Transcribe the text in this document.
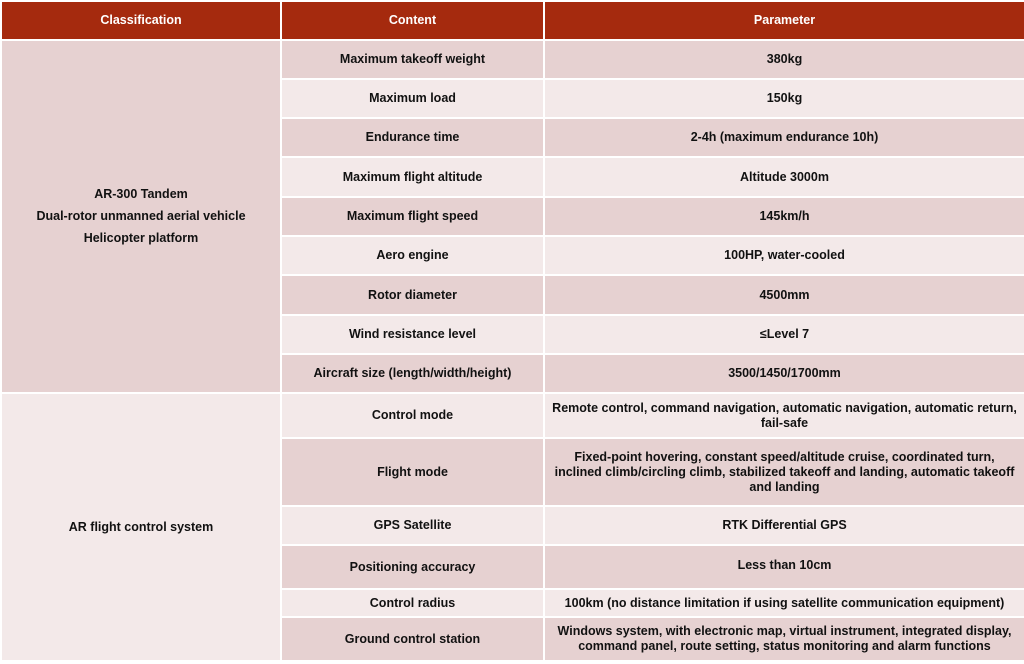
Classification	Content	Parameter

AR-300 Tandem
Dual-rotor unmanned aerial vehicle
Helicopter platform	Maximum takeoff weight	380kg
	Maximum load	150kg
	Endurance time	2-4h (maximum endurance 10h)
	Maximum flight altitude	Altitude 3000m
	Maximum flight speed	145km/h
	Aero engine	100HP, water-cooled
	Rotor diameter	4500mm
	Wind resistance level	≤Level 7
	Aircraft size (length/width/height)	3500/1450/1700mm
AR flight control system	Control mode	Remote control, command navigation, automatic navigation, automatic return, fail-safe
	Flight mode	Fixed-point hovering, constant speed/altitude cruise, coordinated turn, inclined climb/circling climb, stabilized takeoff and landing, automatic takeoff and landing
	GPS Satellite	RTK Differential GPS
	Positioning accuracy	Less than 10cm
	Control radius	100km (no distance limitation if using satellite communication equipment)
	Ground control station	Windows system, with electronic map, virtual instrument, integrated display, command panel, route setting, status monitoring and alarm functions
